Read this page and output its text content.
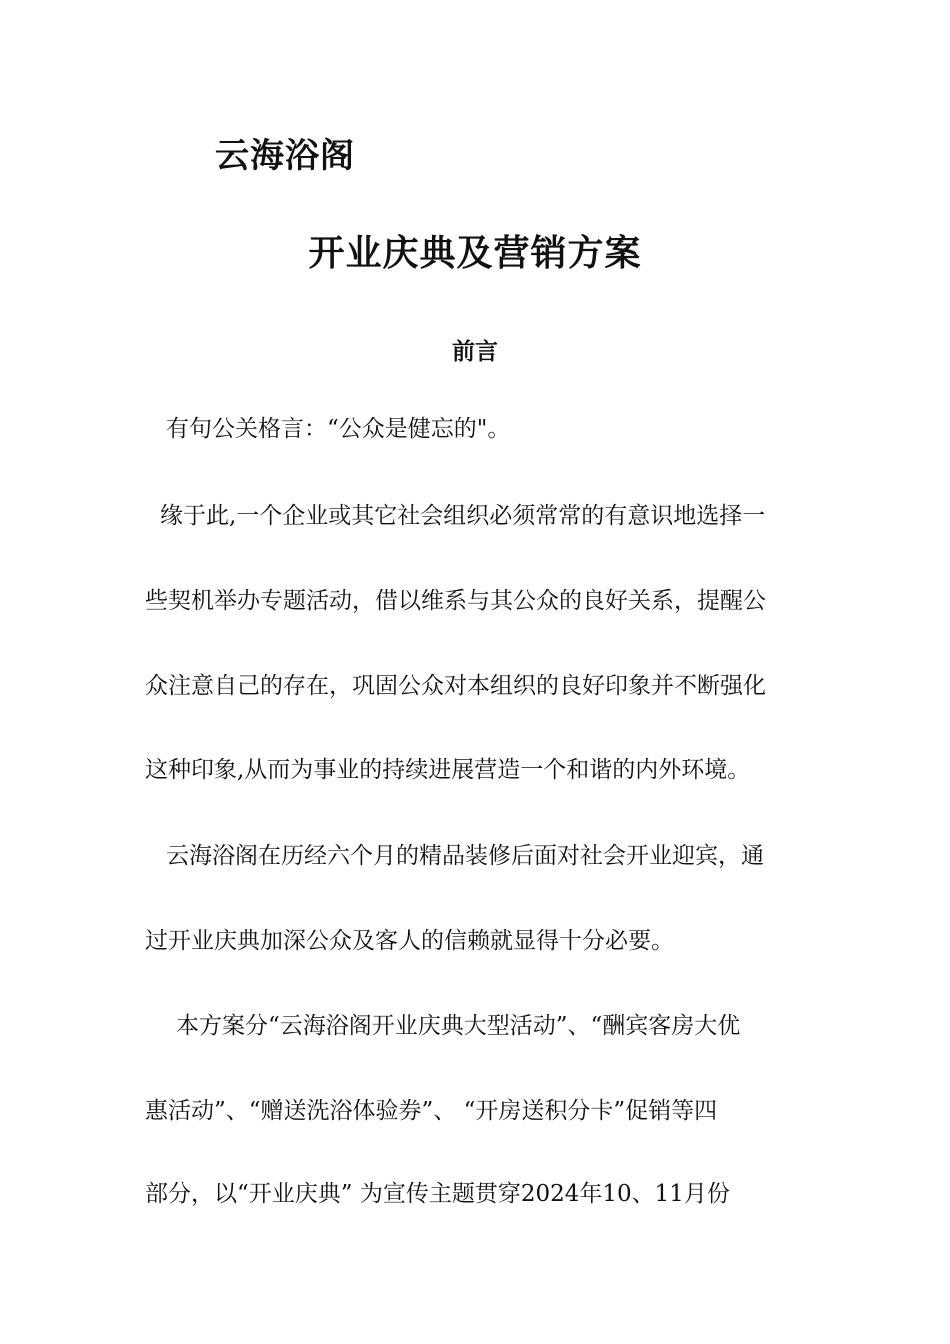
云海浴阁
开业庆典及营销方案
前言
有句公关格言：“公众是健忘的"。
缘于此,一个企业或其它社会组织必须常常的有意识地选择一
些契机举办专题活动，借以维系与其公众的良好关系，提醒公
众注意自己的存在，巩固公众对本组织的良好印象并不断强化
这种印象,从而为事业的持续进展营造一个和谐的内外环境。
云海浴阁在历经六个月的精品装修后面对社会开业迎宾，通
过开业庆典加深公众及客人的信赖就显得十分必要。
本方案分“云海浴阁开业庆典大型活动”、“酬宾客房大优
惠活动”、“赠送洗浴体验券”、 “开房送积分卡”促销等四
部分，以“开业庆典” 为宣传主题贯穿2024年10、11月份
